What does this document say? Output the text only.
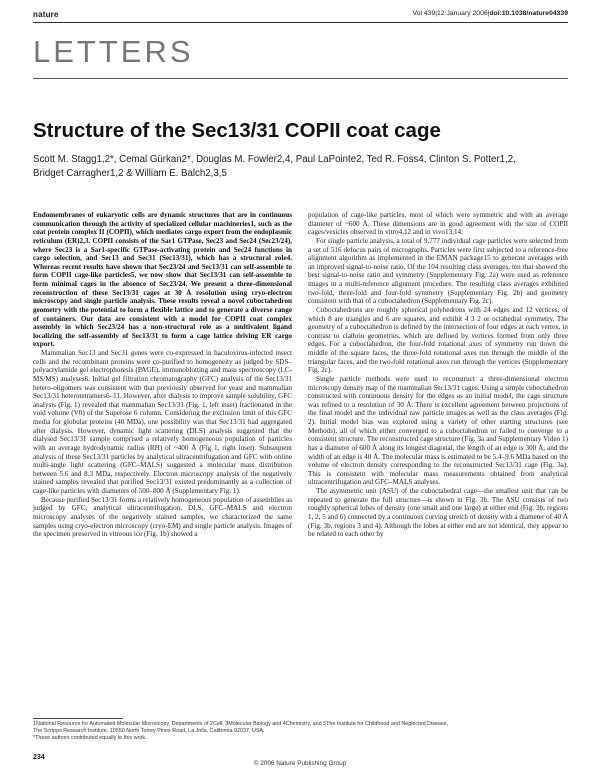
nature	Vol 439|12 January 2006|doi:10.1038/nature04339
LETTERS
Structure of the Sec13/31 COPII coat cage
Scott M. Stagg1,2*, Cemal Gürkan2*, Douglas M. Fowler2,4, Paul LaPointe2, Ted R. Foss4, Clinton S. Potter1,2,
Bridget Carragher1,2 & William E. Balch2,3,5

Endomembranes of eukaryotic cells are dynamic structures that are in continuous communication through the activity of specialized cellular machineries1, such as the coat protein complex II (COPII), which mediates cargo export from the endoplasmic reticulum (ER)2,3. COPII consists of the Sar1 GTPase, Sec23 and Sec24 (Sec23/24), where Sec23 is a Sar1-specific GTPase-activating protein and Sec24 functions in cargo selection, and Sec13 and Sec31 (Sec13/31), which has a structural role4. Whereas recent results have shown that Sec23/24 and Sec13/31 can self-assemble to form COPII cage-like particles5, we now show that Sec13/31 can self-assemble to form minimal cages in the absence of Sec23/24. We present a three-dimensional reconstruction of these Sec13/31 cages at 30 Å resolution using cryo-electron microscopy and single particle analysis. These results reveal a novel cuboctahedron geometry with the potential to form a flexible lattice and to generate a diverse range of containers. Our data are consistent with a model for COPII coat complex assembly in which Sec23/24 has a non-structural role as a multivalent ligand localizing the self-assembly of Sec13/31 to form a cage lattice driving ER cargo export.

Mammalian Sec13 and Sec31 genes were co-expressed in baculovirus-infected insect cells and the recombinant proteins were co-purified to homogeneity as judged by SDS–polyacrylamide gel electrophoresis (PAGE), immunoblotting and mass spectroscopy (LC-MS/MS) analyses6. Initial gel filtration chromatography (GFC) analysis of the Sec13/31 hetero-oligomers was consistent with that previously observed for yeast and mammalian Sec13/31 heterotetramers6–11. However, after dialysis to improve sample solubility, GFC analysis (Fig. 1) revealed that mammalian Sec13/31 (Fig. 1, left inset) fractionated in the void volume (V0) of the Superose 6 column. Considering the exclusion limit of this GFC media for globular proteins (40 MDa), one possibility was that Sec13/31 had aggregated after dialysis. However, dynamic light scattering (DLS) analysis suggested that the dialysed Sec13/31 sample comprised a relatively homogeneous population of particles with an average hydrodynamic radius (RH) of ~400 Å (Fig 1, right inset). Subsequent analysis of these Sec13/31 particles by analytical ultracentrifugation and GFC with online multi-angle light scattering (GFC–MALS) suggested a molecular mass distribution between 5.6 and 8.3 MDa, respectively. Electron microscopy analysis of the negatively stained samples revealed that purified Sec13/31 existed predominantly as a collection of cage-like particles with diameters of 500–800 Å (Supplementary Fig. 1).

Because purified Sec13/31 forms a relatively homogeneous population of assemblies as judged by GFC, analytical ultracentrifugation, DLS, GFC–MALS and electron microscopy analyses of the negatively stained samples, we characterized the same samples using cryo-electron microscopy (cryo-EM) and single particle analysis. Images of the specimen preserved in vitreous ice (Fig. 1b) showed a

population of cage-like particles, most of which were symmetric and with an average diameter of ~600 Å. These dimensions are in good agreement with the size of COPII cages/vesicles observed in vitro4,12 and in vivo13,14.

For single particle analysis, a total of 9,777 individual cage particles were selected from a set of 516 defocus pairs of micrographs. Particles were first subjected to a reference-free alignment algorithm as implemented in the EMAN package15 to generate averages with an improved signal-to-noise ratio. Of the 104 resulting class averages, ten that showed the best signal-to-noise ratio and symmetry (Supplementary Fig. 2a) were used as reference images in a multi-reference alignment procedure. The resulting class averages exhibited two-fold, three-fold and four-fold symmetry (Supplementary Fig. 2b) and geometry consistent with that of a cuboctahedron (Supplementary Fig. 2c).

Cuboctahedrons are roughly spherical polyhedrons with 24 edges and 12 vertices, of which 8 are triangles and 6 are squares, and exhibit 4 3 2 or octahedral symmetry. The geometry of a cuboctahedron is defined by the intersection of four edges at each vertex, in contrast to clathrin geometries, which are defined by vertices formed from only three edges. For a cuboctahedron, the four-fold rotational axes of symmetry run down the middle of the square faces, the three-fold rotational axes run through the middle of the triangular faces, and the two-fold rotational axes run through the vertices (Supplementary Fig. 2c).

Single particle methods were used to reconstruct a three-dimensional electron microscopy density map of the mammalian Sec13/31 cages. Using a simple cuboctahedron constructed with continuous density for the edges as an initial model, the cage structure was refined to a resolution of 30 Å. There is excellent agreement between projections of the final model and the individual raw particle images as well as the class averages (Fig. 2). Initial model bias was explored using a variety of other starting structures (see Methods), all of which either converged to a cuboctahedron or failed to converge to a consistent structure. The reconstructed cage structure (Fig. 3a and Supplementary Video 1) has a diameter of 600 Å along its longest diagonal, the length of an edge is 300 Å, and the width of an edge is 40 Å. The molecular mass is estimated to be 5.4–9.6 MDa based on the volume of electron density corresponding to the reconstructed Sec13/31 cage (Fig. 3a). This is consistent with molecular mass measurements obtained from analytical ultracentrifugation and GFC–MALS analyses.

The asymmetric unit (ASU) of the cuboctahedral cage—the smallest unit that can be repeated to generate the full structure—is shown in Fig. 3b. The ASU consists of two roughly spherical lobes of density (one small and one large) at either end (Fig. 3b, regions 1, 2, 5 and 6) connected by a continuous curving stretch of density with a diameter of 40 Å (Fig. 3b, regions 3 and 4). Although the lobes at either end are not identical, they appear to be related to each other by

1National Resource for Automated Molecular Microscopy, Departments of 2Cell, 3Molecular Biology and 4Chemistry, and 5The Institute for Childhood and Neglected Disease,

The Scripps Research Institute, 10550 North Torrey Pines Road, La Jolla, California 92037, USA.

*These authors contributed equally to this work.

234
© 2006 Nature Publishing Group
